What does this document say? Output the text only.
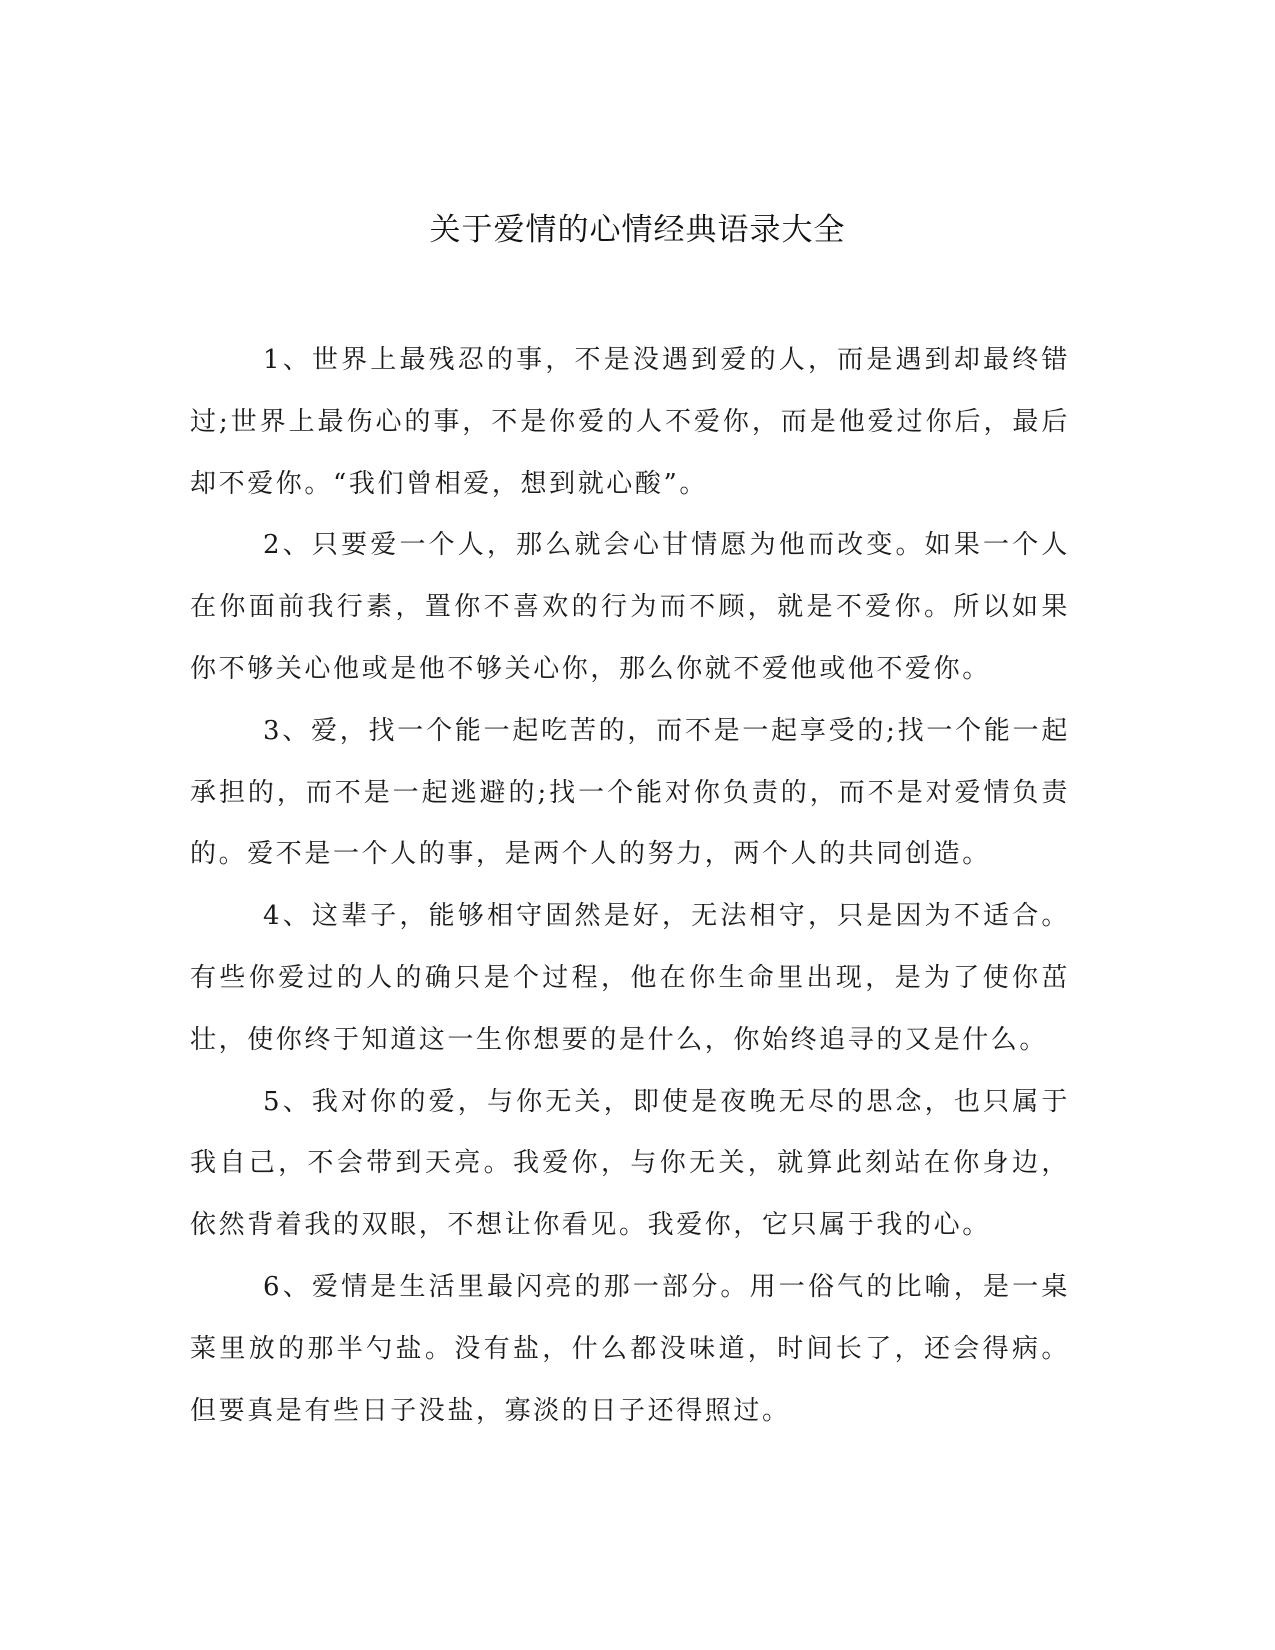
关于爱情的心情经典语录大全

1、世界上最残忍的事，不是没遇到爱的人，而是遇到却最终错过;世界上最伤心的事，不是你爱的人不爱你，而是他爱过你后，最后却不爱你。“我们曾相爱，想到就心酸”。

2、只要爱一个人，那么就会心甘情愿为他而改变。如果一个人在你面前我行素，置你不喜欢的行为而不顾，就是不爱你。所以如果你不够关心他或是他不够关心你，那么你就不爱他或他不爱你。

3、爱，找一个能一起吃苦的，而不是一起享受的;找一个能一起承担的，而不是一起逃避的;找一个能对你负责的，而不是对爱情负责的。爱不是一个人的事，是两个人的努力，两个人的共同创造。

4、这辈子，能够相守固然是好，无法相守，只是因为不适合。有些你爱过的人的确只是个过程，他在你生命里出现，是为了使你茁壮，使你终于知道这一生你想要的是什么，你始终追寻的又是什么。

5、我对你的爱，与你无关，即使是夜晚无尽的思念，也只属于我自己，不会带到天亮。我爱你，与你无关，就算此刻站在你身边，依然背着我的双眼，不想让你看见。我爱你，它只属于我的心。

6、爱情是生活里最闪亮的那一部分。用一俗气的比喻，是一桌菜里放的那半勺盐。没有盐，什么都没味道，时间长了，还会得病。但要真是有些日子没盐，寡淡的日子还得照过。
